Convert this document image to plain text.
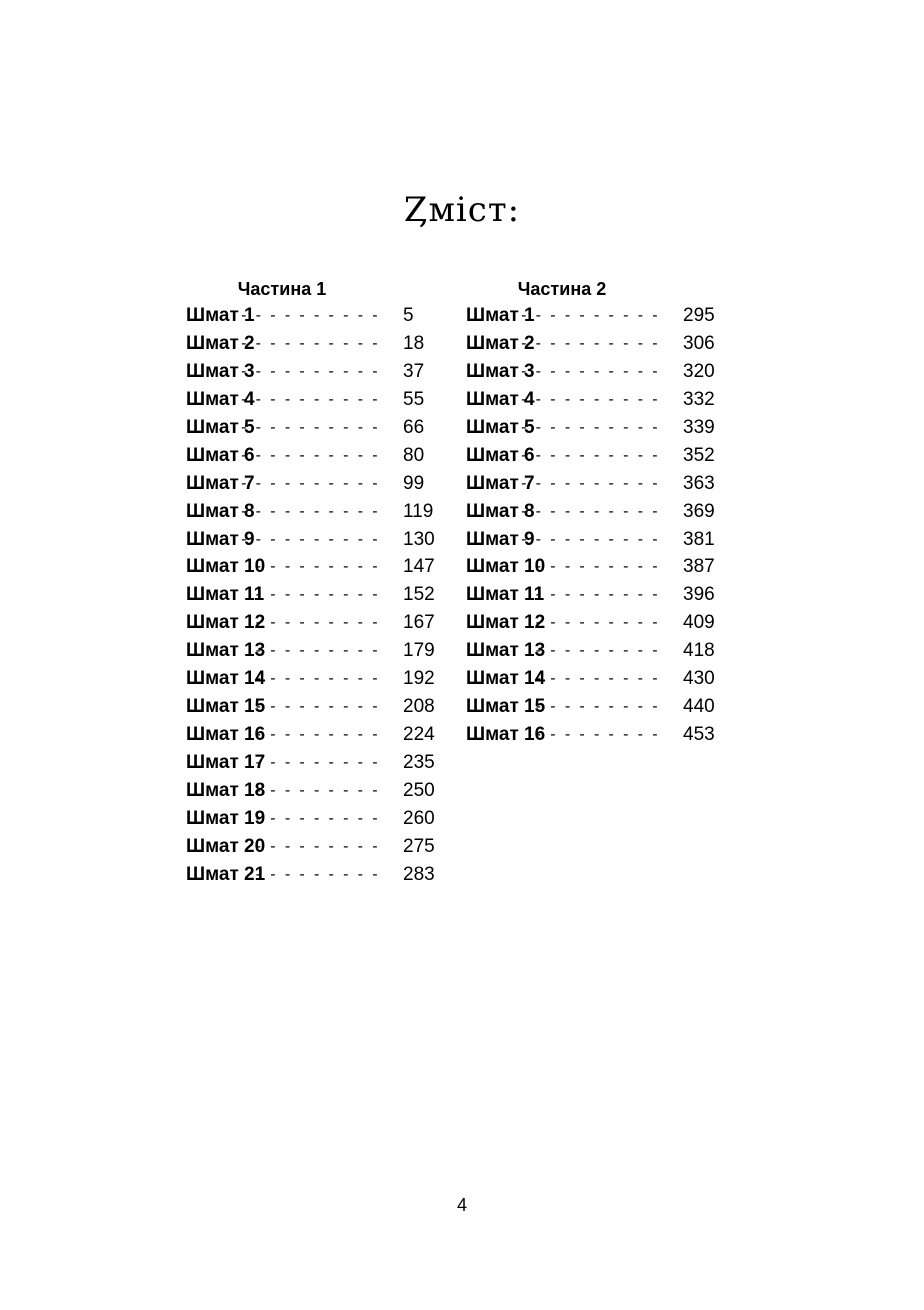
Ȥміст:
Частина 1
Шмат 1
- - - - - - - - - - 5
Шмат 2
- - - - - - - - - - 18
Шмат 3
- - - - - - - - - - 37
Шмат 4
- - - - - - - - - - 55
Шмат 5
- - - - - - - - - - 66
Шмат 6
- - - - - - - - - - 80
Шмат 7
- - - - - - - - - - 99
Шмат 8
- - - - - - - - - - 119
Шмат 9
- - - - - - - - - - 130
Шмат 10
- - - - - - - - - 147
Шмат 11
- - - - - - - - - 152
Шмат 12
- - - - - - - - - 167
Шмат 13
- - - - - - - - - 179
Шмат 14
- - - - - - - - - 192
Шмат 15
- - - - - - - - - 208
Шмат 16
- - - - - - - - - 224
Шмат 17
- - - - - - - - - 235
Шмат 18
- - - - - - - - - 250
Шмат 19
- - - - - - - - - 260
Шмат 20
- - - - - - - - - 275
Шмат 21
- - - - - - - - - 283
Частина 2
Шмат 1
- - - - - - - - - - 295
Шмат 2
- - - - - - - - - - 306
Шмат 3
- - - - - - - - - - 320
Шмат 4
- - - - - - - - - - 332
Шмат 5
- - - - - - - - - - 339
Шмат 6
- - - - - - - - - - 352
Шмат 7
- - - - - - - - - - 363
Шмат 8
- - - - - - - - - - 369
Шмат 9
- - - - - - - - - - 381
Шмат 10
- - - - - - - - - 387
Шмат 11
- - - - - - - - - 396
Шмат 12
- - - - - - - - - 409
Шмат 13
- - - - - - - - - 418
Шмат 14
- - - - - - - - - 430
Шмат 15
- - - - - - - - - 440
Шмат 16
- - - - - - - - - 453
4
